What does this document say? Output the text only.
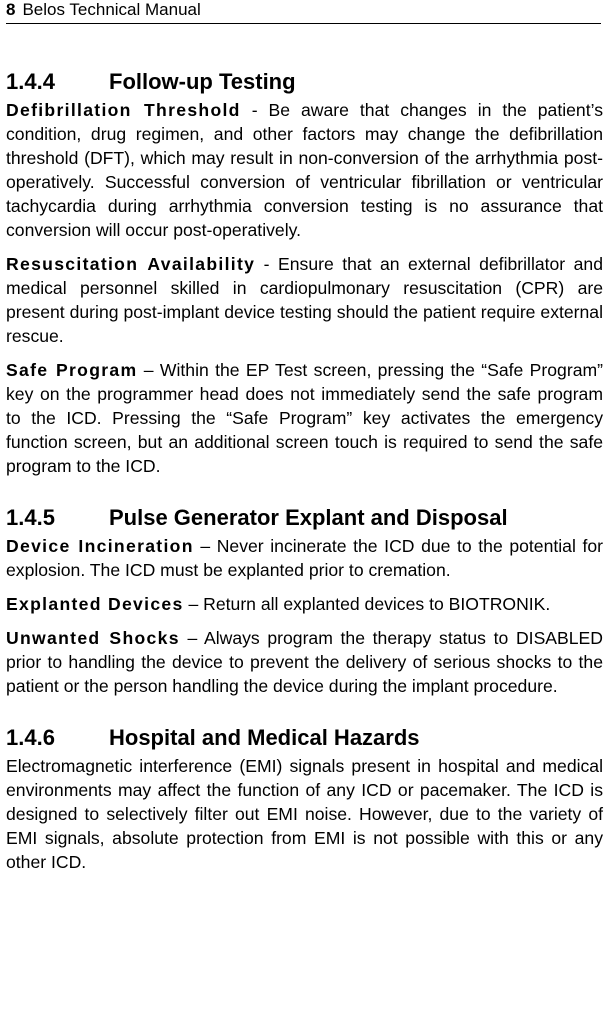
8 Belos Technical Manual
1.4.4 Follow-up Testing

Defibrillation Threshold - Be aware that changes in the patient’s condition, drug regimen, and other factors may change the defibrillation threshold (DFT), which may result in non-conversion of the arrhythmia post-operatively. Successful conversion of ventricular fibrillation or ventricular tachycardia during arrhythmia conversion testing is no assurance that conversion will occur post-operatively.

Resuscitation Availability - Ensure that an external defibrillator and medical personnel skilled in cardiopulmonary resuscitation (CPR) are present during post-implant device testing should the patient require external rescue.

Safe Program – Within the EP Test screen, pressing the “Safe Program” key on the programmer head does not immediately send the safe program to the ICD. Pressing the “Safe Program” key activates the emergency function screen, but an additional screen touch is required to send the safe program to the ICD.

1.4.5 Pulse Generator Explant and Disposal

Device Incineration – Never incinerate the ICD due to the potential for explosion. The ICD must be explanted prior to cremation.

Explanted Devices – Return all explanted devices to BIOTRONIK.

Unwanted Shocks – Always program the therapy status to DISABLED prior to handling the device to prevent the delivery of serious shocks to the patient or the person handling the device during the implant procedure.

1.4.6 Hospital and Medical Hazards

Electromagnetic interference (EMI) signals present in hospital and medical environments may affect the function of any ICD or pacemaker. The ICD is designed to selectively filter out EMI noise. However, due to the variety of EMI signals, absolute protection from EMI is not possible with this or any other ICD.
